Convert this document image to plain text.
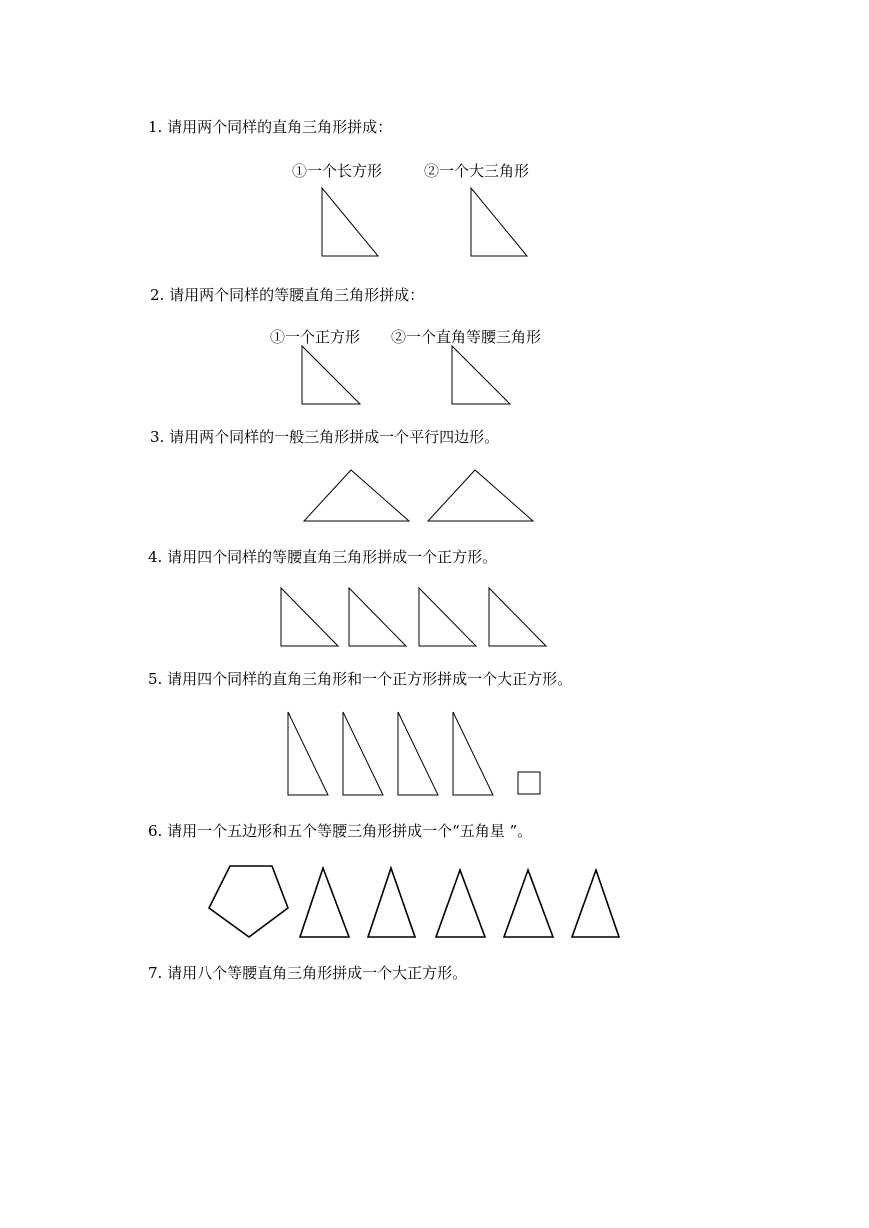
1. 请用两个同样的直角三角形拼成：
①一个长方形	②一个大三角形
2. 请用两个同样的等腰直角三角形拼成：
①一个正方形 ②一个直角等腰三角形
3. 请用两个同样的一般三角形拼成一个平行四边形。
4. 请用四个同样的等腰直角三角形拼成一个正方形。
5. 请用四个同样的直角三角形和一个正方形拼成一个大正方形。
6. 请用一个五边形和五个等腰三角形拼成一个“五角星 ”。
7. 请用八个等腰直角三角形拼成一个大正方形。
